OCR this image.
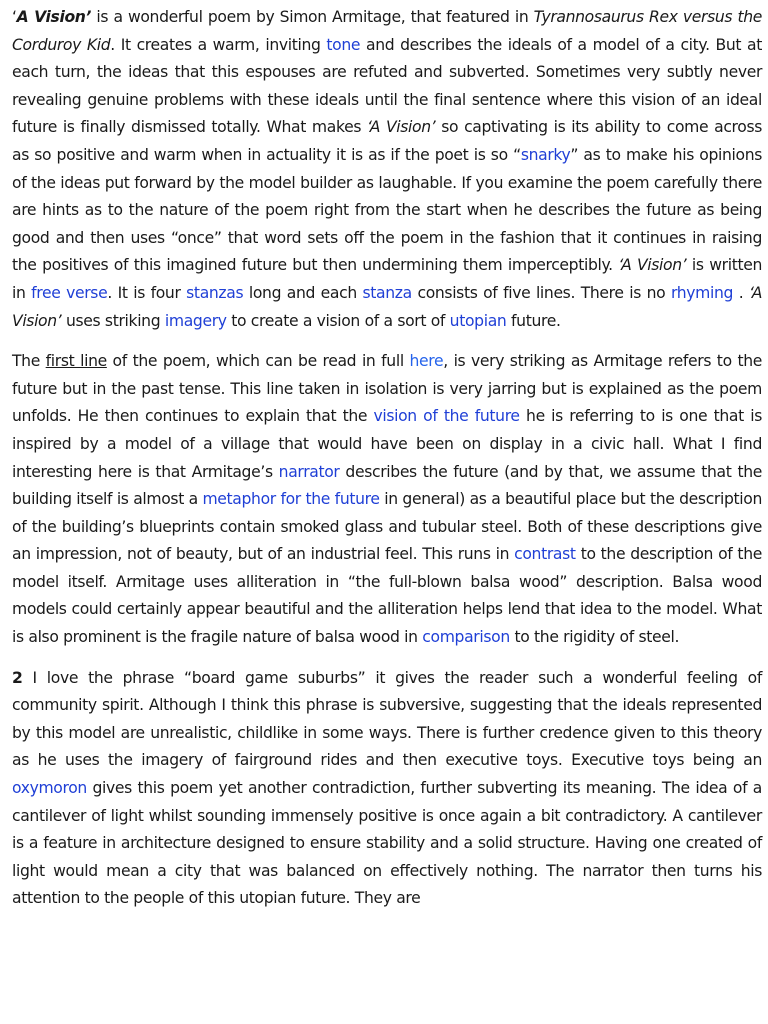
‘A Vision’ is a wonderful poem by Simon Armitage, that featured in Tyrannosaurus Rex versus the Corduroy Kid. It creates a warm, inviting tone and describes the ideals of a model of a city. But at each turn, the ideas that this espouses are refuted and subverted. Sometimes very subtly never revealing genuine problems with these ideals until the final sentence where this vision of an ideal future is finally dismissed totally. What makes ‘A Vision’ so captivating is its ability to come across as so positive and warm when in actuality it is as if the poet is so “snarky” as to make his opinions of the ideas put forward by the model builder as laughable. If you examine the poem carefully there are hints as to the nature of the poem right from the start when he describes the future as being good and then uses “once” that word sets off the poem in the fashion that it continues in raising the positives of this imagined future but then undermining them imperceptibly. ‘A Vision’ is written in free verse. It is four stanzas long and each stanza consists of five lines. There is no rhyming . ‘A Vision’ uses striking imagery to create a vision of a sort of utopian future.

The first line of the poem, which can be read in full here, is very striking as Armitage refers to the future but in the past tense. This line taken in isolation is very jarring but is explained as the poem unfolds. He then continues to explain that the vision of the future he is referring to is one that is inspired by a model of a village that would have been on display in a civic hall. What I find interesting here is that Armitage’s narrator describes the future (and by that, we assume that the building itself is almost a metaphor for the future in general) as a beautiful place but the description of the building’s blueprints contain smoked glass and tubular steel. Both of these descriptions give an impression, not of beauty, but of an industrial feel. This runs in contrast to the description of the model itself. Armitage uses alliteration in “the full-blown balsa wood” description. Balsa wood models could certainly appear beautiful and the alliteration helps lend that idea to the model. What is also prominent is the fragile nature of balsa wood in comparison to the rigidity of steel.

2 I love the phrase “board game suburbs” it gives the reader such a wonderful feeling of community spirit. Although I think this phrase is subversive, suggesting that the ideals represented by this model are unrealistic, childlike in some ways. There is further credence given to this theory as he uses the imagery of fairground rides and then executive toys. Executive toys being an oxymoron gives this poem yet another contradiction, further subverting its meaning. The idea of a cantilever of light whilst sounding immensely positive is once again a bit contradictory. A cantilever is a feature in architecture designed to ensure stability and a solid structure. Having one created of light would mean a city that was balanced on effectively nothing. The narrator then turns his attention to the people of this utopian future. They are
